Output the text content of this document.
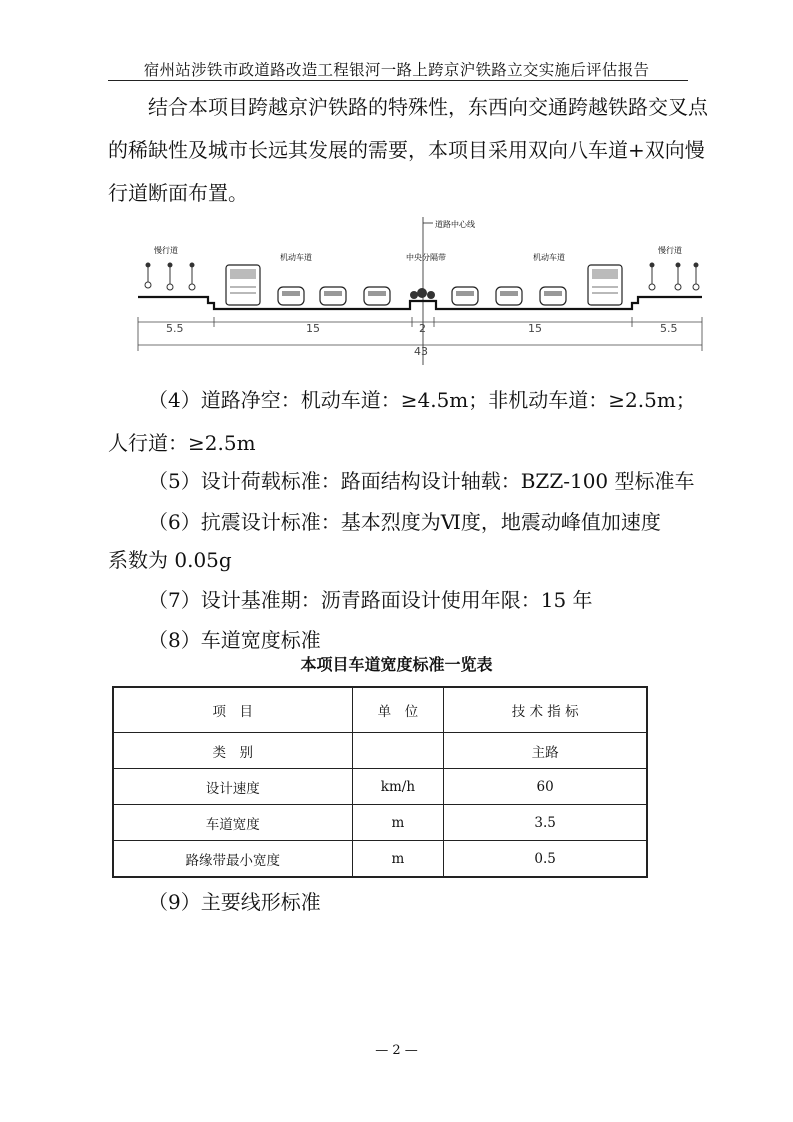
宿州站涉铁市政道路改造工程银河一路上跨京沪铁路立交实施后评估报告
结合本项目跨越京沪铁路的特殊性，东西向交通跨越铁路交叉点的稀缺性及城市长远其发展的需要，本项目采用双向八车道+双向慢行道断面布置。
道路中心线
慢行道
机动车道	中央分隔带	机动车道
慢行道
5.5	15	2	15	5.5
43
（4）道路净空：机动车道：≥4.5m；非机动车道：≥2.5m；
人行道：≥2.5m
（5）设计荷载标准：路面结构设计轴载：BZZ-100 型标准车
（6）抗震设计标准：基本烈度为Ⅵ度，地震动峰值加速度
系数为 0.05g
（7）设计基准期：沥青路面设计使用年限：15 年
（8）车道宽度标准
本项目车道宽度标准一览表
项　目	单　位	技 术 指 标
类　别		主路
设计速度	km/h	60
车道宽度	m	3.5
路缘带最小宽度	m	0.5
（9）主要线形标准
— 2 —
